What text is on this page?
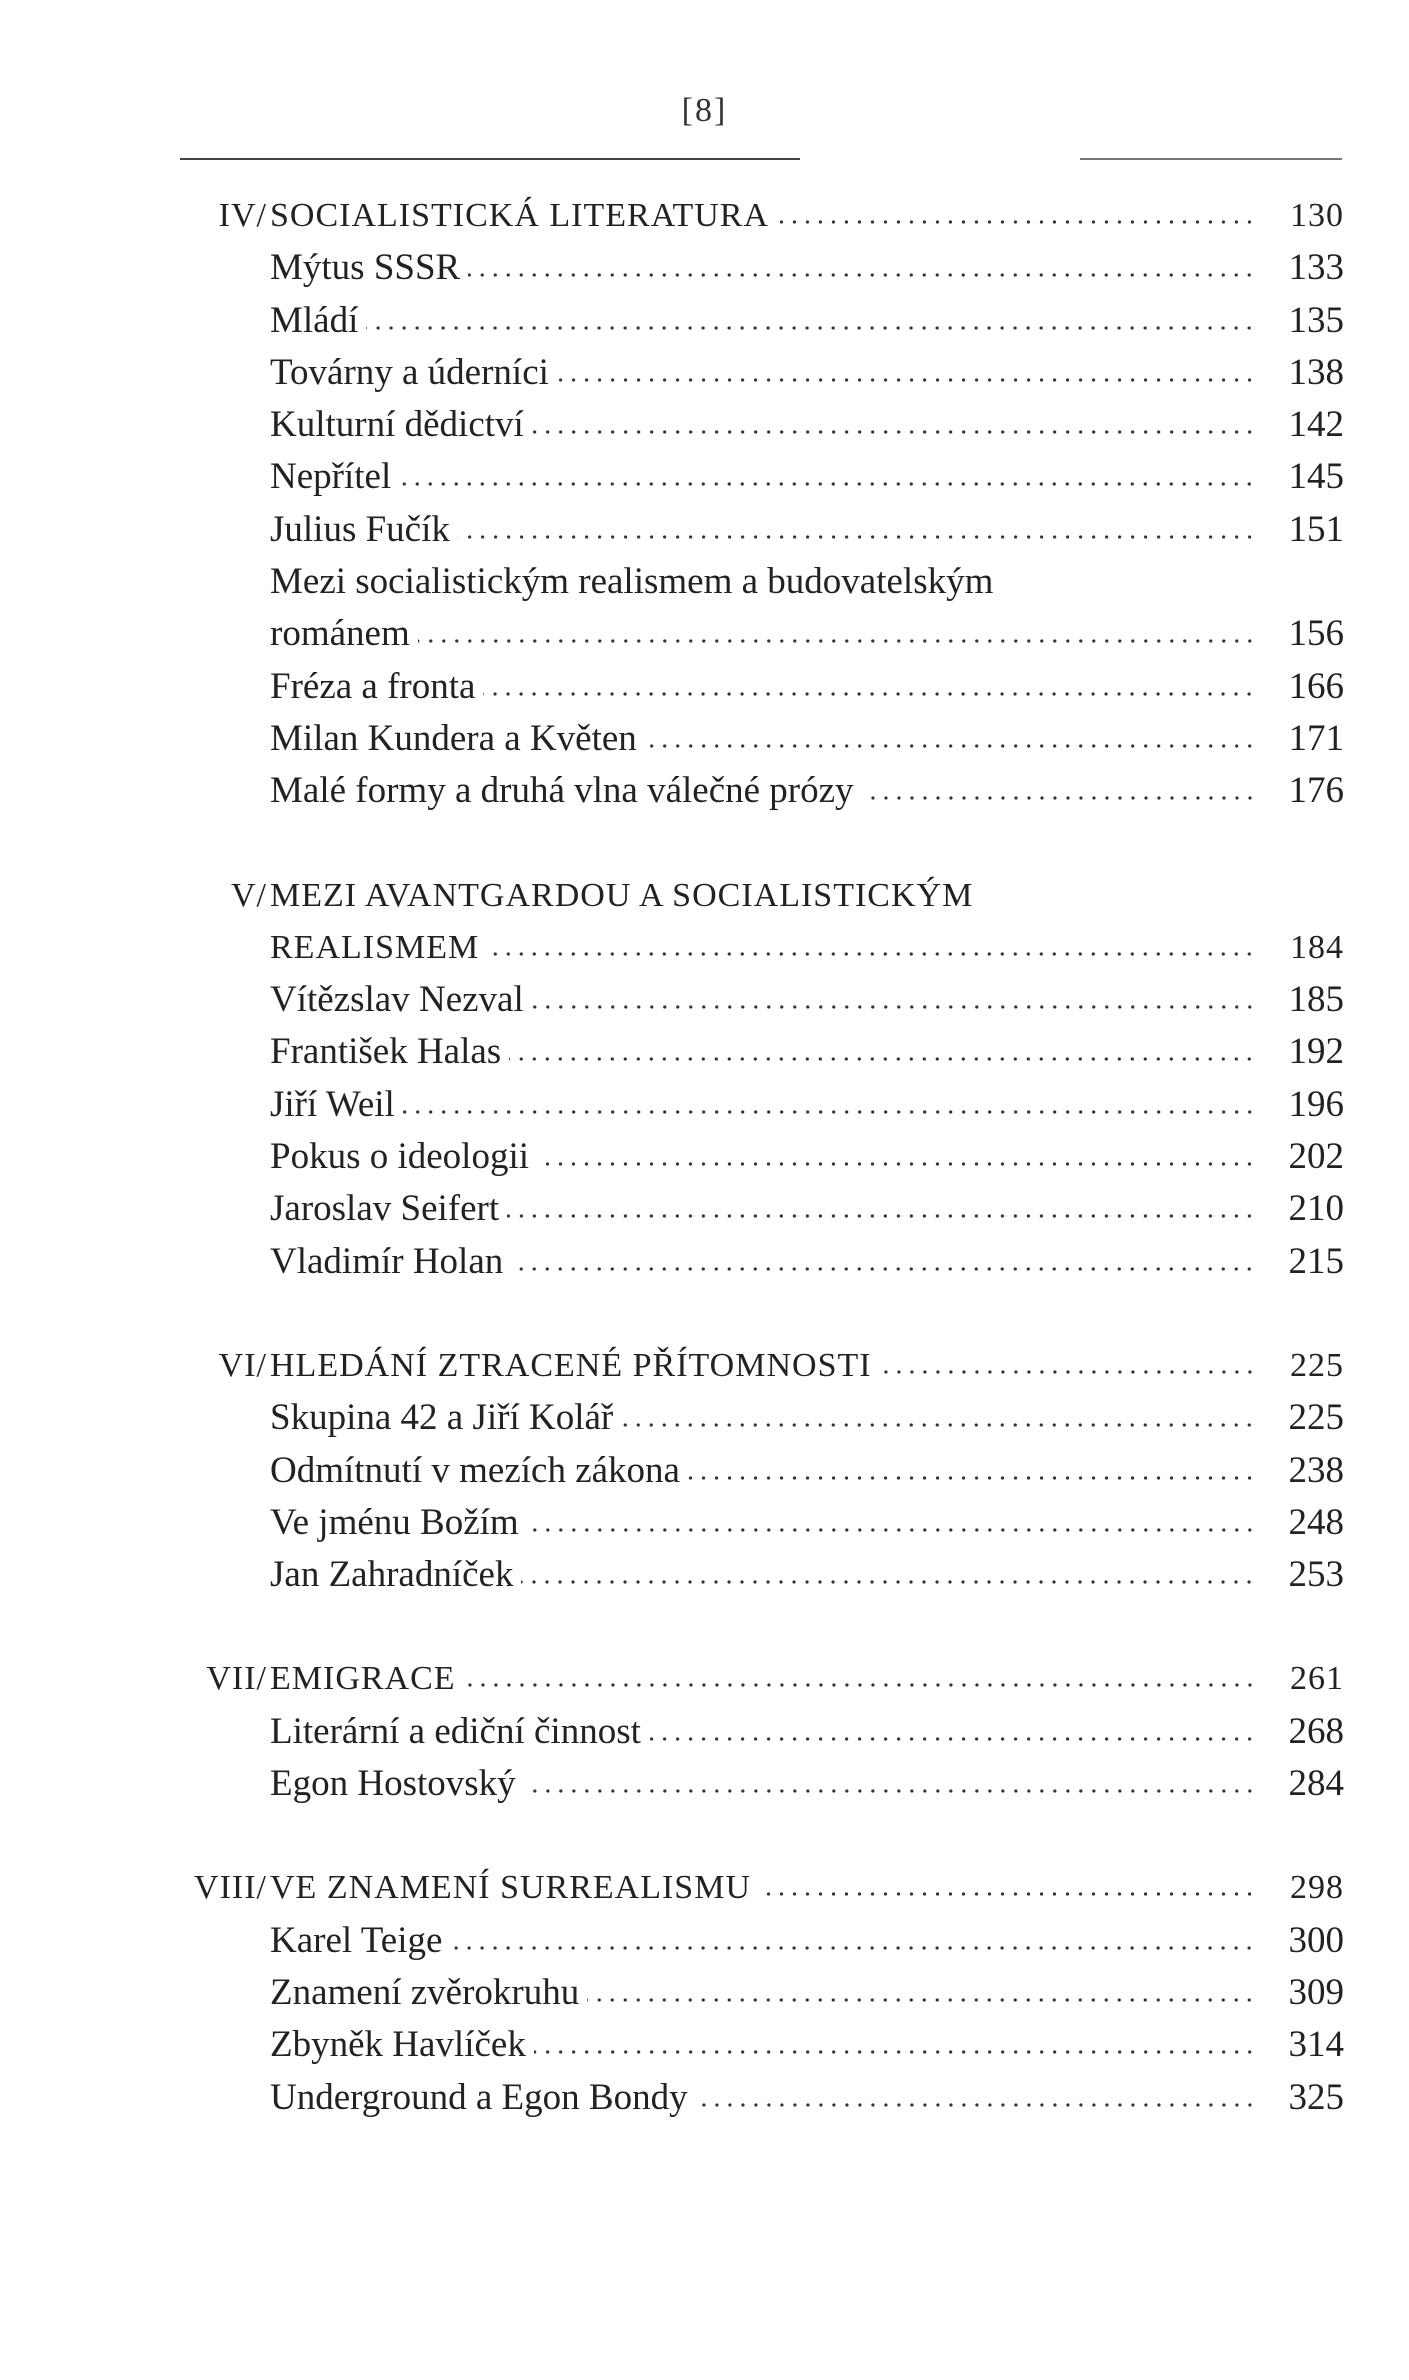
[8]
IV/ SOCIALISTICKÁ LITERATURA	130
Mýtus SSSR	133
Mládí	135
Továrny a úderníci	138
Kulturní dědictví	142
Nepřítel	145
Julius Fučík	151
Mezi socialistickým realismem a budovatelským
románem	156
Fréza a fronta	166
Milan Kundera a Květen	171
Malé formy a druhá vlna válečné prózy	176
V/ MEZI AVANTGARDOU A SOCIALISTICKÝM
REALISMEM	184
Vítězslav Nezval	185
František Halas	192
Jiří Weil	196
Pokus o ideologii	202
Jaroslav Seifert	210
Vladimír Holan	215
VI/ HLEDÁNÍ ZTRACENÉ PŘÍTOMNOSTI	225
Skupina 42 a Jiří Kolář	225
Odmítnutí v mezích zákona	238
Ve jménu Božím	248
Jan Zahradníček	253
VII/ EMIGRACE	261
Literární a ediční činnost	268
Egon Hostovský	284
VIII/ VE ZNAMENÍ SURREALISMU	298
Karel Teige	300
Znamení zvěrokruhu	309
Zbyněk Havlíček	314
Underground a Egon Bondy	325
